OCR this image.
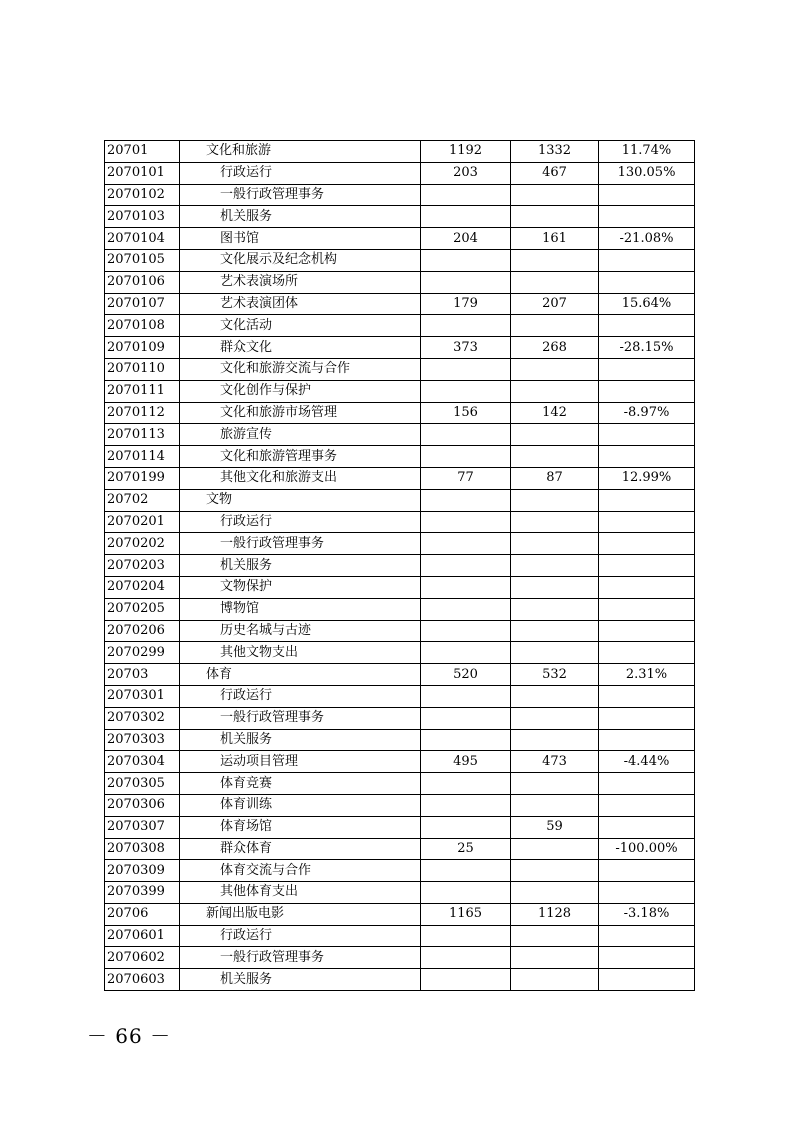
20701	文化和旅游	1192	1332	11.74%
2070101	行政运行	203	467	130.05%
2070102	一般行政管理事务			
2070103	机关服务			
2070104	图书馆	204	161	-21.08%
2070105	文化展示及纪念机构			
2070106	艺术表演场所			
2070107	艺术表演团体	179	207	15.64%
2070108	文化活动			
2070109	群众文化	373	268	-28.15%
2070110	文化和旅游交流与合作			
2070111	文化创作与保护			
2070112	文化和旅游市场管理	156	142	-8.97%
2070113	旅游宣传			
2070114	文化和旅游管理事务			
2070199	其他文化和旅游支出	77	87	12.99%
20702	文物			
2070201	行政运行			
2070202	一般行政管理事务			
2070203	机关服务			
2070204	文物保护			
2070205	博物馆			
2070206	历史名城与古迹			
2070299	其他文物支出			
20703	体育	520	532	2.31%
2070301	行政运行			
2070302	一般行政管理事务			
2070303	机关服务			
2070304	运动项目管理	495	473	-4.44%
2070305	体育竞赛			
2070306	体育训练			
2070307	体育场馆		59	
2070308	群众体育	25		-100.00%
2070309	体育交流与合作			
2070399	其他体育支出			
20706	新闻出版电影	1165	1128	-3.18%
2070601	行政运行			
2070602	一般行政管理事务			
2070603	机关服务			
－ 66 －
